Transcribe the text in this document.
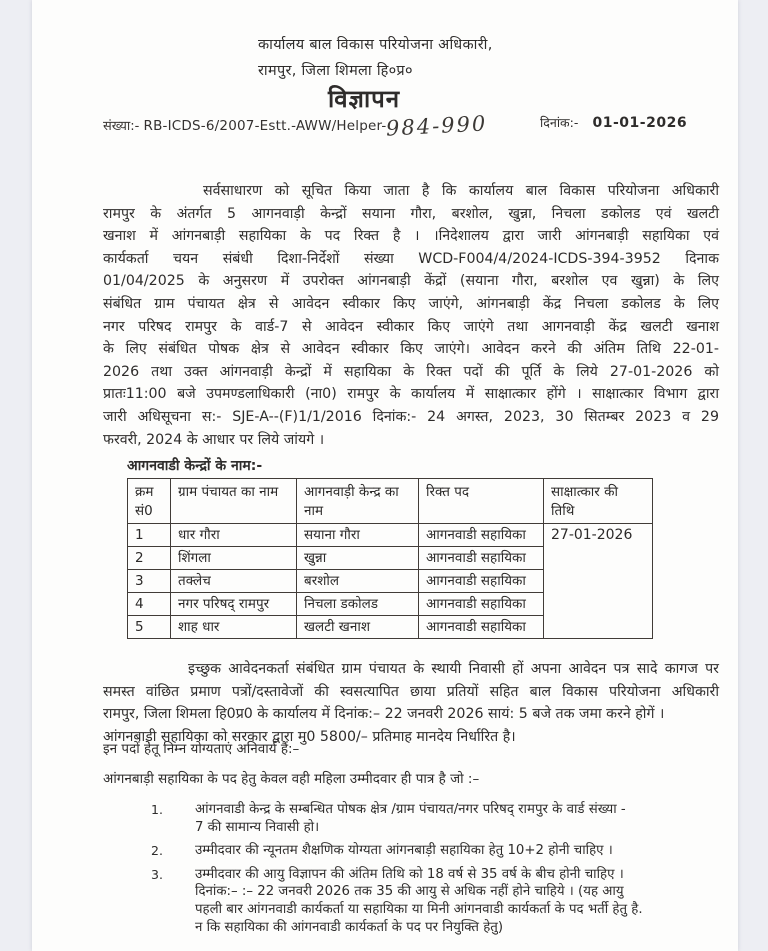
कार्यालय बाल विकास परियोजना अधिकारी,
रामपुर, जिला शिमला हि०प्र०
विज्ञापन
संख्या:- RB-ICDS-6/2007-Estt.-AWW/Helper-984-990	दिनांक:- 01-01-2026
सर्वसाधारण को सूचित किया जाता है कि कार्यालय बाल विकास परियोजना अधिकारी
रामपुर के अंतर्गत 5 आगनवाड़ी केन्द्रों सयाना गौरा, बरशोल, खुन्ना, निचला डकोलड एवं खलटी
खनाश में आंगनबाड़ी सहायिका के पद रिक्त है । ।निदेशालय द्वारा जारी आंगनबाड़ी सहायिका एवं
कार्यकर्ता चयन संबंधी दिशा-निर्देशों संख्या WCD-F004/4/2024-ICDS-394-3952 दिनाक
01/04/2025 के अनुसरण में उपरोक्त आंगनबाड़ी केंद्रों (सयाना गौरा, बरशोल एव खुन्ना) के लिए
संबंधित ग्राम पंचायत क्षेत्र से आवेदन स्वीकार किए जाएंगे, आंगनबाड़ी केंद्र निचला डकोलड के लिए
नगर परिषद रामपुर के वार्ड-7 से आवेदन स्वीकार किए जाएंगे तथा आगनवाड़ी केंद्र खलटी खनाश
के लिए संबंधित पोषक क्षेत्र से आवेदन स्वीकार किए जाएंगे। आवेदन करने की अंतिम तिथि 22-01-
2026 तथा उक्त आंगनवाड़ी केन्द्रों में सहायिका के रिक्त पदों की पूर्ति के लिये 27-01-2026 को
प्रातः11:00 बजे उपमण्डलाधिकारी (ना0) रामपुर के कार्यालय में साक्षात्कार होंगे । साक्षात्कार विभाग द्वारा
जारी अधिसूचना स:- SJE-A--(F)1/1/2016 दिनांक:- 24 अगस्त, 2023, 30 सितम्बर 2023 व 29
फरवरी, 2024 के आधार पर लिये जांयगे ।
आगनवाडी केन्द्रों के नाम:-
क्रम सं0	ग्राम पंचायत का नाम	आगनवाड़ी केन्द्र का नाम	रिक्त पद	साक्षात्कार की तिथि
1	धार गौरा	सयाना गौरा	आगनवाडी सहायिका	27-01-2026
2	शिंगला	खुन्ना	आगनवाडी सहायिका	
3	तक्लेच	बरशोल	आगनवाडी सहायिका	
4	नगर परिषद् रामपुर	निचला डकोलड	आगनवाडी सहायिका	
5	शाह धार	खलटी खनाश	आगनवाडी सहायिका	
इच्छुक आवेदनकर्ता संबंधित ग्राम पंचायत के स्थायी निवासी हों अपना आवेदन पत्र सादे कागज पर
समस्त वांछित प्रमाण पत्रों/दस्तावेजों की स्वसत्यापित छाया प्रतियों सहित बाल विकास परियोजना अधिकारी
रामपुर, जिला शिमला हि0प्र0 के कार्यालय में दिनांक:– 22 जनवरी 2026 सायं: 5 बजे तक जमा करने होगें ।
आंगनबाड़ी सहायिका को सरकार द्वारा मु0 5800/– प्रतिमाह मानदेय निर्धारित है।
इन पदों हेतू निम्न योग्यताएं अनिवार्य हैं:–
आंगनबाड़ी सहायिका के पद हेतु केवल वही महिला उम्मीदवार ही पात्र है जो :–
1.	आंगनवाडी केन्द्र के सम्बन्धित पोषक क्षेत्र /ग्राम पंचायत/नगर परिषद् रामपुर के वार्ड संख्या -
7 की सामान्य निवासी हो।
2.	उम्मीदवार की न्यूनतम शैक्षणिक योग्यता आंगनबाड़ी सहायिका हेतु 10+2 होनी चाहिए ।
3.	उम्मीदवार की आयु विज्ञापन की अंतिम तिथि को 18 वर्ष से 35 वर्ष के बीच होनी चाहिए ।
दिनांक:– :– 22 जनवरी 2026 तक 35 की आयु से अधिक नहीं होने चाहिये । (यह आयु
पहली बार आंगनवाडी कार्यकर्ता या सहायिका या मिनी आंगनवाडी कार्यकर्ता के पद भर्ती हेतु है.
न कि सहायिका की आंगनवाडी कार्यकर्ता के पद पर नियुक्ति हेतु)
